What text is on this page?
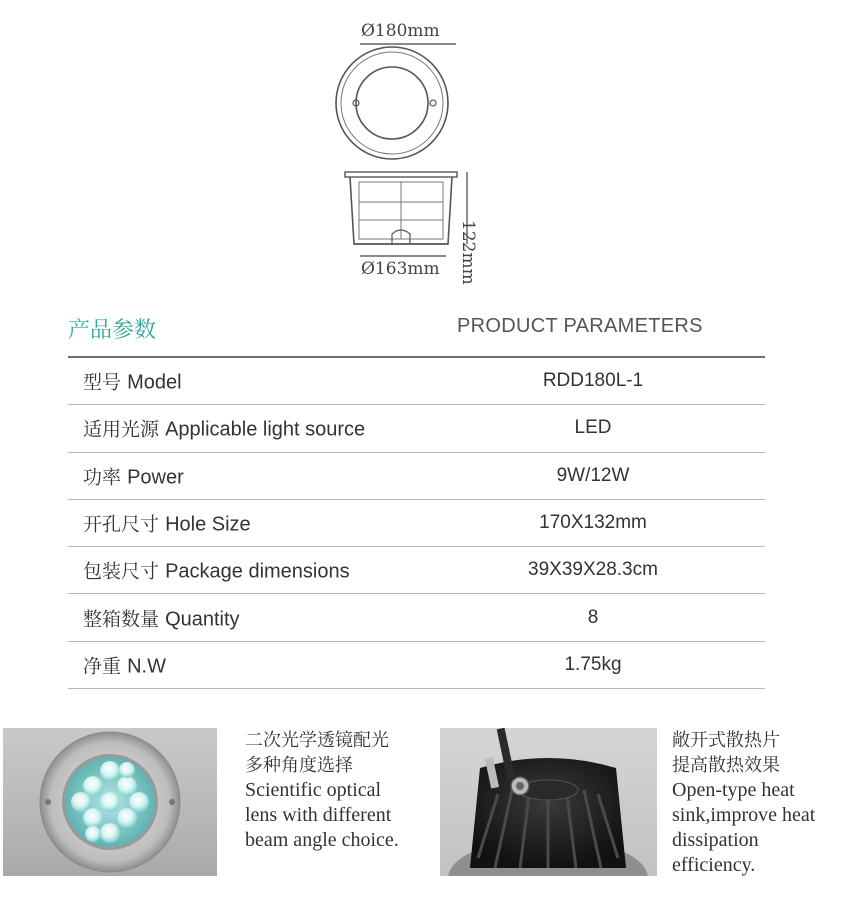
Ø180mm
122mm
Ø163mm
产品参数	PRODUCT PARAMETERS
型号 Model	RDD180L-1
适用光源 Applicable light source	LED
功率 Power	9W/12W
开孔尺寸 Hole Size	170X132mm
包装尺寸 Package dimensions	39X39X28.3cm
整箱数量 Quantity	8
净重 N.W	1.75kg
二次光学透镜配光
多种角度选择
Scientific optical
lens with different
beam angle choice.
敞开式散热片
提高散热效果
Open-type heat
sink,improve heat
dissipation
efficiency.
